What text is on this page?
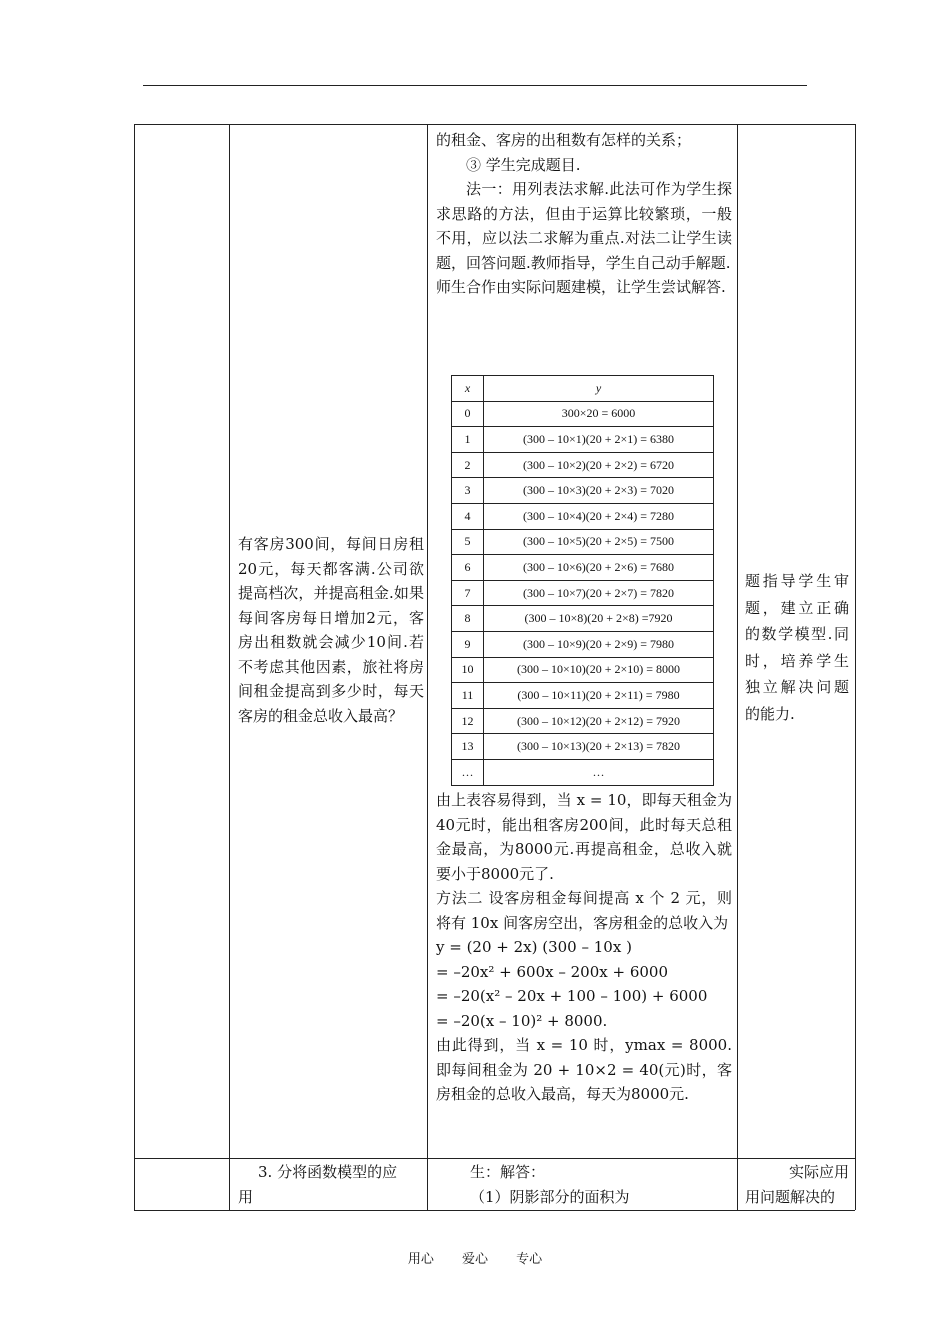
有客房300间，每间日房租20元，每天都客满.公司欲提高档次，并提高租金.如果每间客房每日增加2元，客房出租数就会减少10间.若不考虑其他因素，旅社将房间租金提高到多少时，每天客房的租金总收入最高？
的租金、客房的出租数有怎样的关系；
③ 学生完成题目.
法一：用列表法求解.此法可作为学生探求思路的方法，但由于运算比较繁琐，一般不用，应以法二求解为重点.对法二让学生读题，回答问题.教师指导，学生自己动手解题.
师生合作由实际问题建模，让学生尝试解答.
x	y
0	300×20 = 6000
1	(300 – 10×1)(20 + 2×1) = 6380
2	(300 – 10×2)(20 + 2×2) = 6720
3	(300 – 10×3)(20 + 2×3) = 7020
4	(300 – 10×4)(20 + 2×4) = 7280
5	(300 – 10×5)(20 + 2×5) = 7500
6	(300 – 10×6)(20 + 2×6) = 7680
7	(300 – 10×7)(20 + 2×7) = 7820
8	(300 – 10×8)(20 + 2×8) =7920
9	(300 – 10×9)(20 + 2×9) = 7980
10	(300 – 10×10)(20 + 2×10) = 8000
11	(300 – 10×11)(20 + 2×11) = 7980
12	(300 – 10×12)(20 + 2×12) = 7920
13	(300 – 10×13)(20 + 2×13) = 7820
…	…
由上表容易得到，当 x = 10，即每天租金为40元时，能出租客房200间，此时每天总租金最高，为8000元.再提高租金，总收入就要小于8000元了.
方法二 设客房租金每间提高 x 个 2 元，则将有 10x 间客房空出，客房租金的总收入为
y = (20 + 2x) (300 – 10x )
= –20x² + 600x – 200x + 6000
= –20(x² – 20x + 100 – 100) + 6000
= –20(x – 10)² + 8000.
由此得到，当 x = 10 时，ymax = 8000.即每间租金为 20 + 10×2 = 40(元)时，客房租金的总收入最高，每天为8000元.
题指导学生审题，建立正确的数学模型.同时，培养学生独立解决问题的能力.
3. 分将函数模型的应
用
生：解答：
（1）阴影部分的面积为
实际应用
用问题解决的
用心 爱心 专心
